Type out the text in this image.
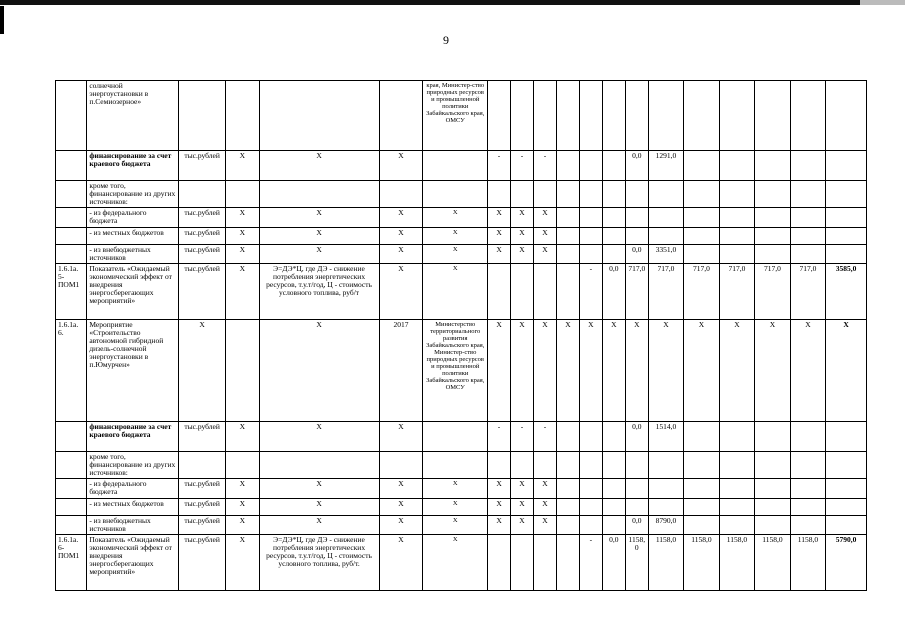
9
	солнечной энергоустановки в п.Семиозерное»					края, Министер-ство природных ресурсов и промышленной политики Забайкальского края, ОМСУ													
	финансирование за счет краевого бюджета	тыс.рублей	X	X	X		-	-	-				0,0	1291,0					
	кроме того, финансирование из других источников:																		
	- из федерального бюджета	тыс.рублей	X	X	X	X	X	X	X										
	- из местных бюджетов	тыс.рублей	X	X	X	X	X	X	X										
	- из внебюджетных источников	тыс.рублей	X	X	X	X	X	X	X				0,0	3351,0					
1.6.1а. 5-ПОМ1	Показатель «Ожидаемый экономический эффект от внедрения энергосберегающих мероприятий»	тыс.рублей	X	Э=ДЭ*Ц, где ДЭ - снижение потребления энергетических ресурсов, т.у.т/год, Ц - стоимость условного топлива, руб/т	X	X					-	0,0	717,0	717,0	717,0	717,0	717,0	717,0	3585,0
1.6.1а. 6.	Мероприятие «Строительство автономной гибридной дизель-солнечной энергоустановки в п.Юмурчен»	X		X	2017	Министерство территориального развития Забайкальского края, Министер-ство природных ресурсов и промышленной политики Забайкальского края, ОМСУ	X	X	X	X	X	X	X	X	X	X	X	X	X
	финансирование за счет краевого бюджета	тыс.рублей	X	X	X		-	-	-				0,0	1514,0					
	кроме того, финансирование из других источников:																		
	- из федерального бюджета	тыс.рублей	X	X	X	X	X	X	X										
	- из местных бюджетов	тыс.рублей	X	X	X	X	X	X	X										
	- из внебюджетных источников	тыс.рублей	X	X	X	X	X	X	X				0,0	8790,0					
1.6.1а. 6-ПОМ1	Показатель «Ожидаемый экономический эффект от внедрения энергосберегающих мероприятий»	тыс.рублей	X	Э=ДЭ*Ц, где ДЭ - снижение потребления энергетических ресурсов, т.у.т/год, Ц - стоимость условного топлива, руб/т.	X	X					-	0,0	1158,0	1158,0	1158,0	1158,0	1158,0	1158,0	5790,0
